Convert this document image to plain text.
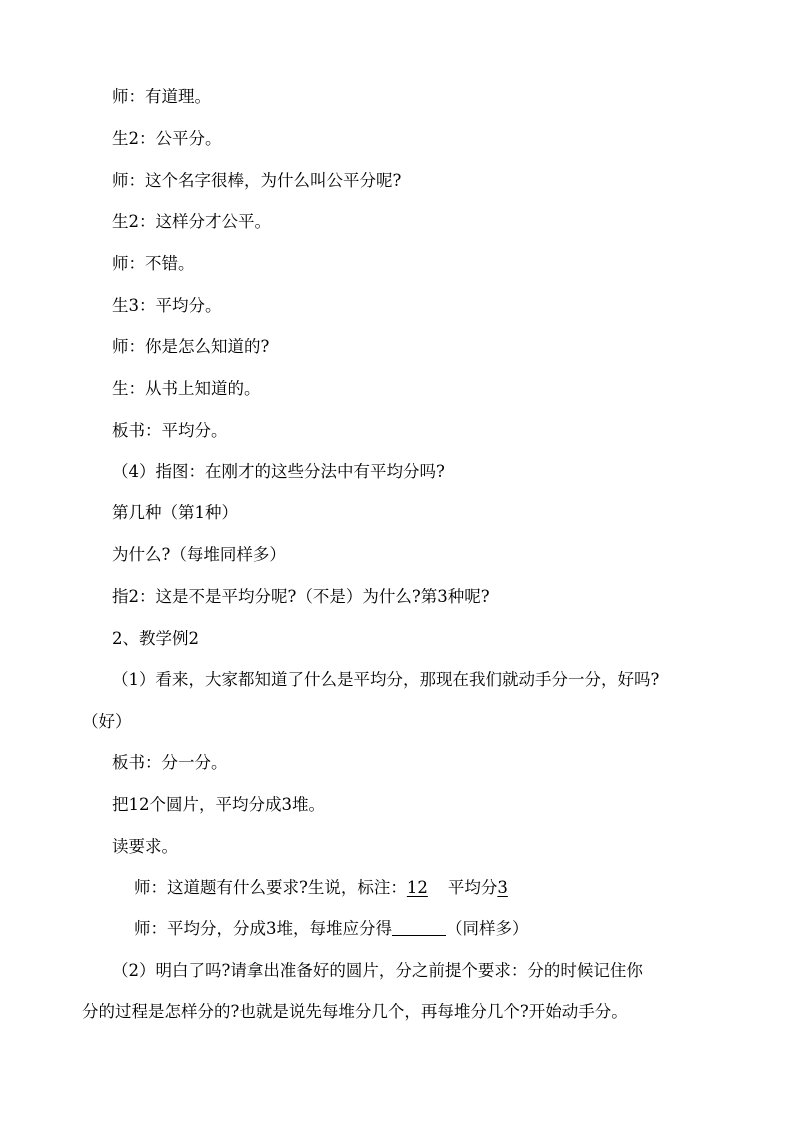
师：有道理。
生2：公平分。
师：这个名字很棒，为什么叫公平分呢?
生2：这样分才公平。
师：不错。
生3：平均分。
师：你是怎么知道的?
生：从书上知道的。
板书：平均分。
（4）指图：在刚才的这些分法中有平均分吗?
第几种（第1种）
为什么?（每堆同样多）
指2：这是不是平均分呢?（不是）为什么?第3种呢?
2、教学例2
（1）看来，大家都知道了什么是平均分，那现在我们就动手分一分，好吗?
（好）
板书：分一分。
把12个圆片，平均分成3堆。
读要求。
师：这道题有什么要求?生说，标注：12 平均分3
师：平均分，分成3堆，每堆应分得	（同样多）
（2）明白了吗?请拿出准备好的圆片，分之前提个要求：分的时候记住你
分的过程是怎样分的?也就是说先每堆分几个，再每堆分几个?开始动手分。
